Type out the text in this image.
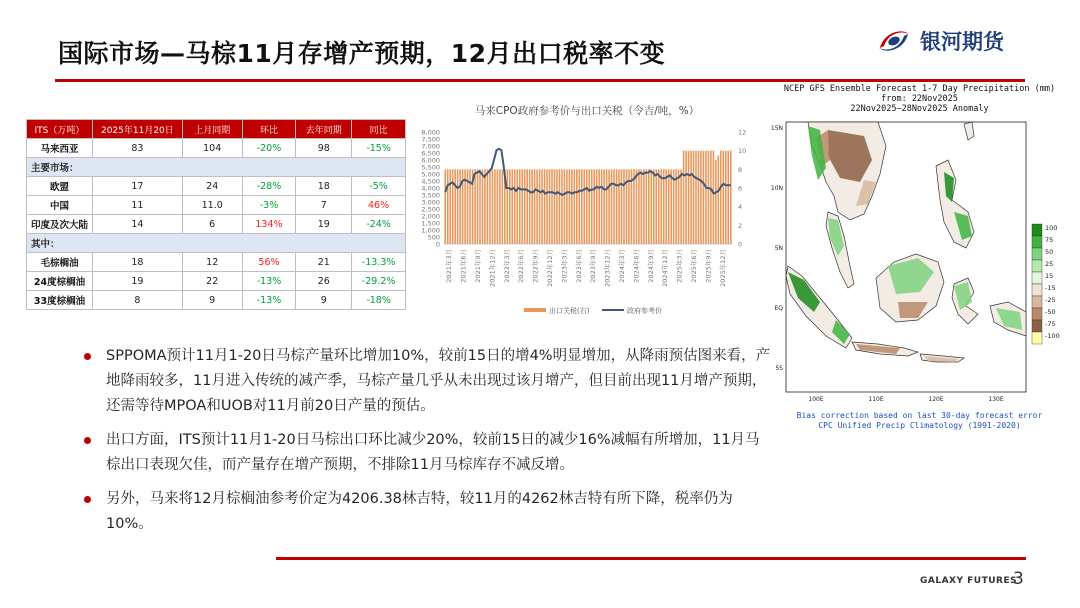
国际市场—马棕11月存增产预期，12月出口税率不变	银河期货
ITS（万吨）	2025年11月20日	上月同期	环比	去年同期	同比
马来西亚	83	104	-20%	98	-15%
主要市场：					
欧盟	17	24	-28%	18	-5%
中国	11	11.0	-3%	7	46%
印度及次大陆	14	6	134%	19	-24%
其中：					
毛棕榈油	18	12	56%	21	-13.3%
24度棕榈油	19	22	-13%	26	-29.2%
33度棕榈油	8	9	-13%	9	-18%
马来CPO政府参考价与出口关税（令吉/吨，%）
0
500
1,000
1,500
2,000
2,500
3,000
3,500
4,000
4,500
5,000
5,500
6,000
6,500
7,000
7,500
8,000
0
2
4
6
8
10
12
2021年3月 2021年6月 2021年9月 2021年12月 2022年3月 2022年6月 2022年9月 2022年12月 2023年3月 2023年6月 2023年9月 2023年12月 2024年3月 2024年6月 2024年9月 2024年12月 2025年3月 2025年6月 2025年9月 2025年12月
出口关税(右)	政府参考价
NCEP GFS Ensemble Forecast 1-7 Day Precipitation (mm)
from: 22Nov2025
22Nov2025—28Nov2025 Anomaly
15N
10N
5N
EQ
5S
100E	110E	120E	130E
100
75
50
25
15
-15
-25
-50
-75
-100
Bias correction based on last 30-day forecast error
CPC Unified Precip Climatology (1991-2020)
SPPOMA预计11月1-20日马棕产量环比增加10%，较前15日的增4%明显增加，从降雨预估图来看，产地降雨较多，11月进入传统的减产季，马棕产量几乎从未出现过该月增产，但目前出现11月增产预期，还需等待MPOA和UOB对11月前20日产量的预估。
出口方面，ITS预计11月1-20日马棕出口环比减少20%，较前15日的减少16%减幅有所增加，11月马棕出口表现欠佳，而产量存在增产预期，不排除11月马棕库存不减反增。
另外，马来将12月棕榈油参考价定为4206.38林吉特，较11月的4262林吉特有所下降，税率仍为10%。
GALAXY FUTURES
3
